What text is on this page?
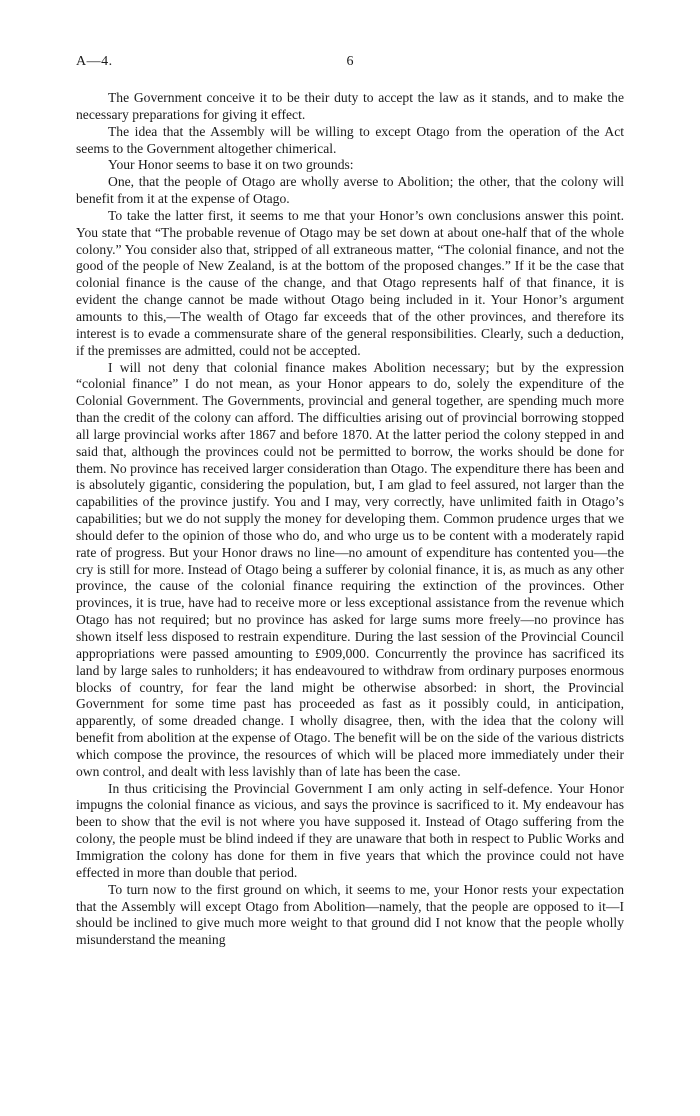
A—4.	6

The Government conceive it to be their duty to accept the law as it stands, and to make the necessary preparations for giving it effect.

The idea that the Assembly will be willing to except Otago from the operation of the Act seems to the Government altogether chimerical.

Your Honor seems to base it on two grounds:

One, that the people of Otago are wholly averse to Abolition; the other, that the colony will benefit from it at the expense of Otago.

To take the latter first, it seems to me that your Honor’s own conclusions answer this point. You state that “The probable revenue of Otago may be set down at about one-half that of the whole colony.” You consider also that, stripped of all extraneous matter, “The colonial finance, and not the good of the people of New Zealand, is at the bottom of the proposed changes.” If it be the case that colonial finance is the cause of the change, and that Otago represents half of that finance, it is evident the change cannot be made without Otago being included in it. Your Honor’s argument amounts to this,—The wealth of Otago far exceeds that of the other provinces, and therefore its interest is to evade a commensurate share of the general responsibilities. Clearly, such a deduction, if the premisses are admitted, could not be accepted.

I will not deny that colonial finance makes Abolition necessary; but by the expression “colonial finance” I do not mean, as your Honor appears to do, solely the expenditure of the Colonial Government. The Governments, provincial and general together, are spending much more than the credit of the colony can afford. The difficulties arising out of provincial borrowing stopped all large provincial works after 1867 and before 1870. At the latter period the colony stepped in and said that, although the provinces could not be permitted to borrow, the works should be done for them. No province has received larger consideration than Otago. The expenditure there has been and is absolutely gigantic, considering the population, but, I am glad to feel assured, not larger than the capabilities of the province justify. You and I may, very correctly, have unlimited faith in Otago’s capabilities; but we do not supply the money for developing them. Common prudence urges that we should defer to the opinion of those who do, and who urge us to be content with a moderately rapid rate of progress. But your Honor draws no line—no amount of expenditure has contented you—the cry is still for more. Instead of Otago being a sufferer by colonial finance, it is, as much as any other province, the cause of the colonial finance requiring the extinction of the provinces. Other provinces, it is true, have had to receive more or less exceptional assistance from the revenue which Otago has not required; but no province has asked for large sums more freely—no province has shown itself less disposed to restrain expenditure. During the last session of the Provincial Council appropriations were passed amounting to £909,000. Concurrently the province has sacrificed its land by large sales to runholders; it has endeavoured to withdraw from ordinary purposes enormous blocks of country, for fear the land might be otherwise absorbed: in short, the Provincial Government for some time past has proceeded as fast as it possibly could, in anticipation, apparently, of some dreaded change. I wholly disagree, then, with the idea that the colony will benefit from abolition at the expense of Otago. The benefit will be on the side of the various districts which compose the province, the resources of which will be placed more immediately under their own control, and dealt with less lavishly than of late has been the case.

In thus criticising the Provincial Government I am only acting in self-defence. Your Honor impugns the colonial finance as vicious, and says the province is sacrificed to it. My endeavour has been to show that the evil is not where you have supposed it. Instead of Otago suffering from the colony, the people must be blind indeed if they are unaware that both in respect to Public Works and Immigration the colony has done for them in five years that which the province could not have effected in more than double that period.

To turn now to the first ground on which, it seems to me, your Honor rests your expectation that the Assembly will except Otago from Abolition—namely, that the people are opposed to it—I should be inclined to give much more weight to that ground did I not know that the people wholly misunderstand the meaning
